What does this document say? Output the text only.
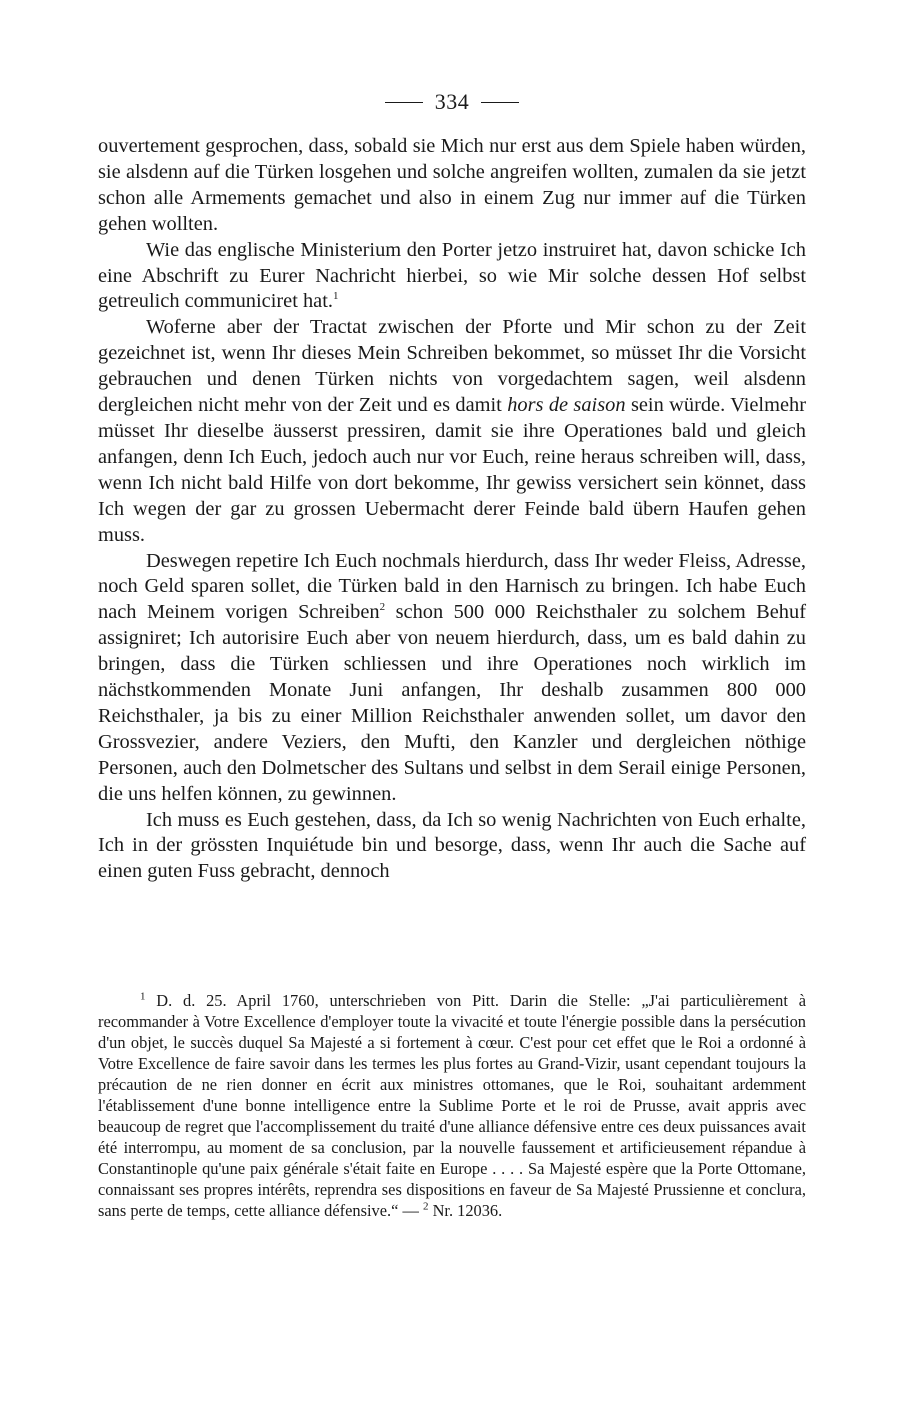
334

ouvertement gesprochen, dass, sobald sie Mich nur erst aus dem Spiele haben würden, sie alsdenn auf die Türken losgehen und solche angreifen wollten, zumalen da sie jetzt schon alle Armements gemachet und also in einem Zug nur immer auf die Türken gehen wollten.

Wie das englische Ministerium den Porter jetzo instruiret hat, davon schicke Ich eine Abschrift zu Eurer Nachricht hierbei, so wie Mir solche dessen Hof selbst getreulich communiciret hat.$^1$

Woferne aber der Tractat zwischen der Pforte und Mir schon zu der Zeit gezeichnet ist, wenn Ihr dieses Mein Schreiben bekommet, so müsset Ihr die Vorsicht gebrauchen und denen Türken nichts von vorgedachtem sagen, weil alsdenn dergleichen nicht mehr von der Zeit und es damit hors de saison sein würde. Vielmehr müsset Ihr dieselbe äusserst pressiren, damit sie ihre Operationes bald und gleich anfangen, denn Ich Euch, jedoch auch nur vor Euch, reine heraus schreiben will, dass, wenn Ich nicht bald Hilfe von dort bekomme, Ihr gewiss versichert sein könnet, dass Ich wegen der gar zu grossen Uebermacht derer Feinde bald übern Haufen gehen muss.

Deswegen repetire Ich Euch nochmals hierdurch, dass Ihr weder Fleiss, Adresse, noch Geld sparen sollet, die Türken bald in den Harnisch zu bringen. Ich habe Euch nach Meinem vorigen Schreiben$^2$ schon 500 000 Reichsthaler zu solchem Behuf assigniret; Ich autorisire Euch aber von neuem hierdurch, dass, um es bald dahin zu bringen, dass die Türken schliessen und ihre Operationes noch wirklich im nächstkommenden Monate Juni anfangen, Ihr deshalb zusammen 800 000 Reichsthaler, ja bis zu einer Million Reichsthaler anwenden sollet, um davor den Grossvezier, andere Veziers, den Mufti, den Kanzler und dergleichen nöthige Personen, auch den Dolmetscher des Sultans und selbst in dem Serail einige Personen, die uns helfen können, zu gewinnen.

Ich muss es Euch gestehen, dass, da Ich so wenig Nachrichten von Euch erhalte, Ich in der grössten Inquiétude bin und besorge, dass, wenn Ihr auch die Sache auf einen guten Fuss gebracht, dennoch

$^1$ D. d. 25. April 1760, unterschrieben von Pitt. Darin die Stelle: „J'ai particulièrement à recommander à Votre Excellence d'employer toute la vivacité et toute l'énergie possible dans la persécution d'un objet, le succès duquel Sa Majesté a si fortement à cœur. C'est pour cet effet que le Roi a ordonné à Votre Excellence de faire savoir dans les termes les plus fortes au Grand-Vizir, usant cependant toujours la précaution de ne rien donner en écrit aux ministres ottomanes, que le Roi, souhaitant ardemment l'établissement d'une bonne intelligence entre la Sublime Porte et le roi de Prusse, avait appris avec beaucoup de regret que l'accomplissement du traité d'une alliance défensive entre ces deux puissances avait été interrompu, au moment de sa conclusion, par la nouvelle faussement et artificieusement répandue à Constantinople qu'une paix générale s'était faite en Europe . . . . Sa Majesté espère que la Porte Ottomane, connaissant ses propres intérêts, reprendra ses dispositions en faveur de Sa Majesté Prussienne et conclura, sans perte de temps, cette alliance défensive.“ — $^2$ Nr. 12036.
